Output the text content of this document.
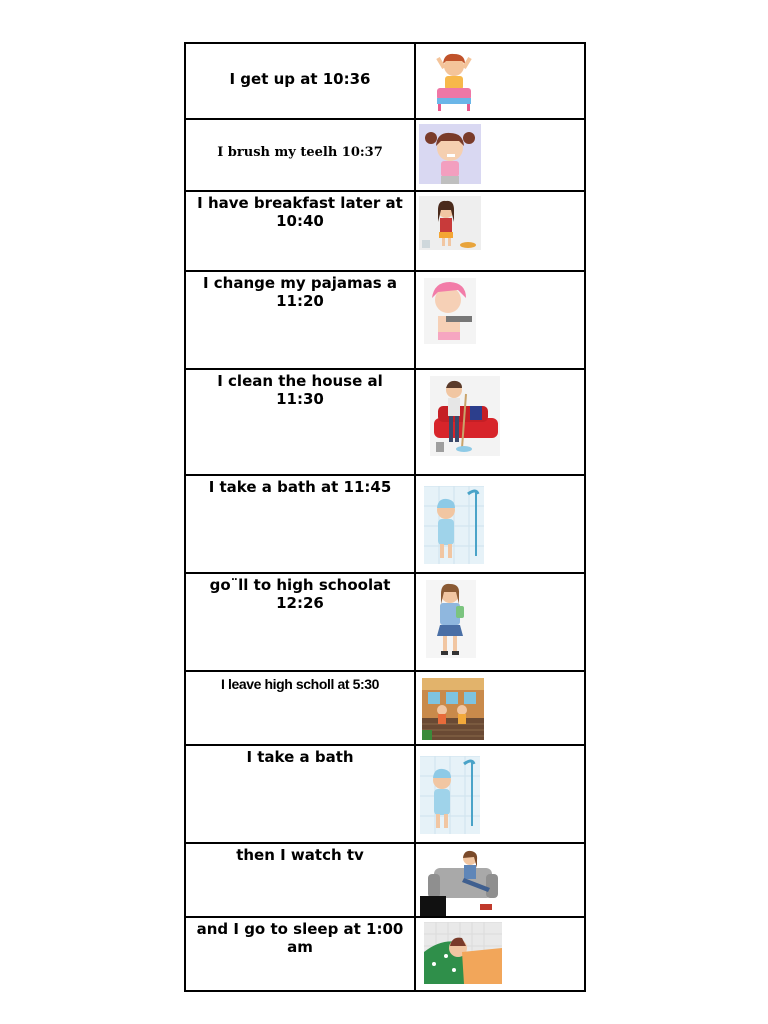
I get up at 10:36

I brush my teelh 10:37

I have breakfast later at 10:40

I change my pajamas a 11:20

I clean the house al 11:30

I take a bath at 11:45

go¨ll to high schoolat 12:26

I leave high scholl at 5:30

I take a bath

then I watch tv

and I go to sleep at 1:00 am
